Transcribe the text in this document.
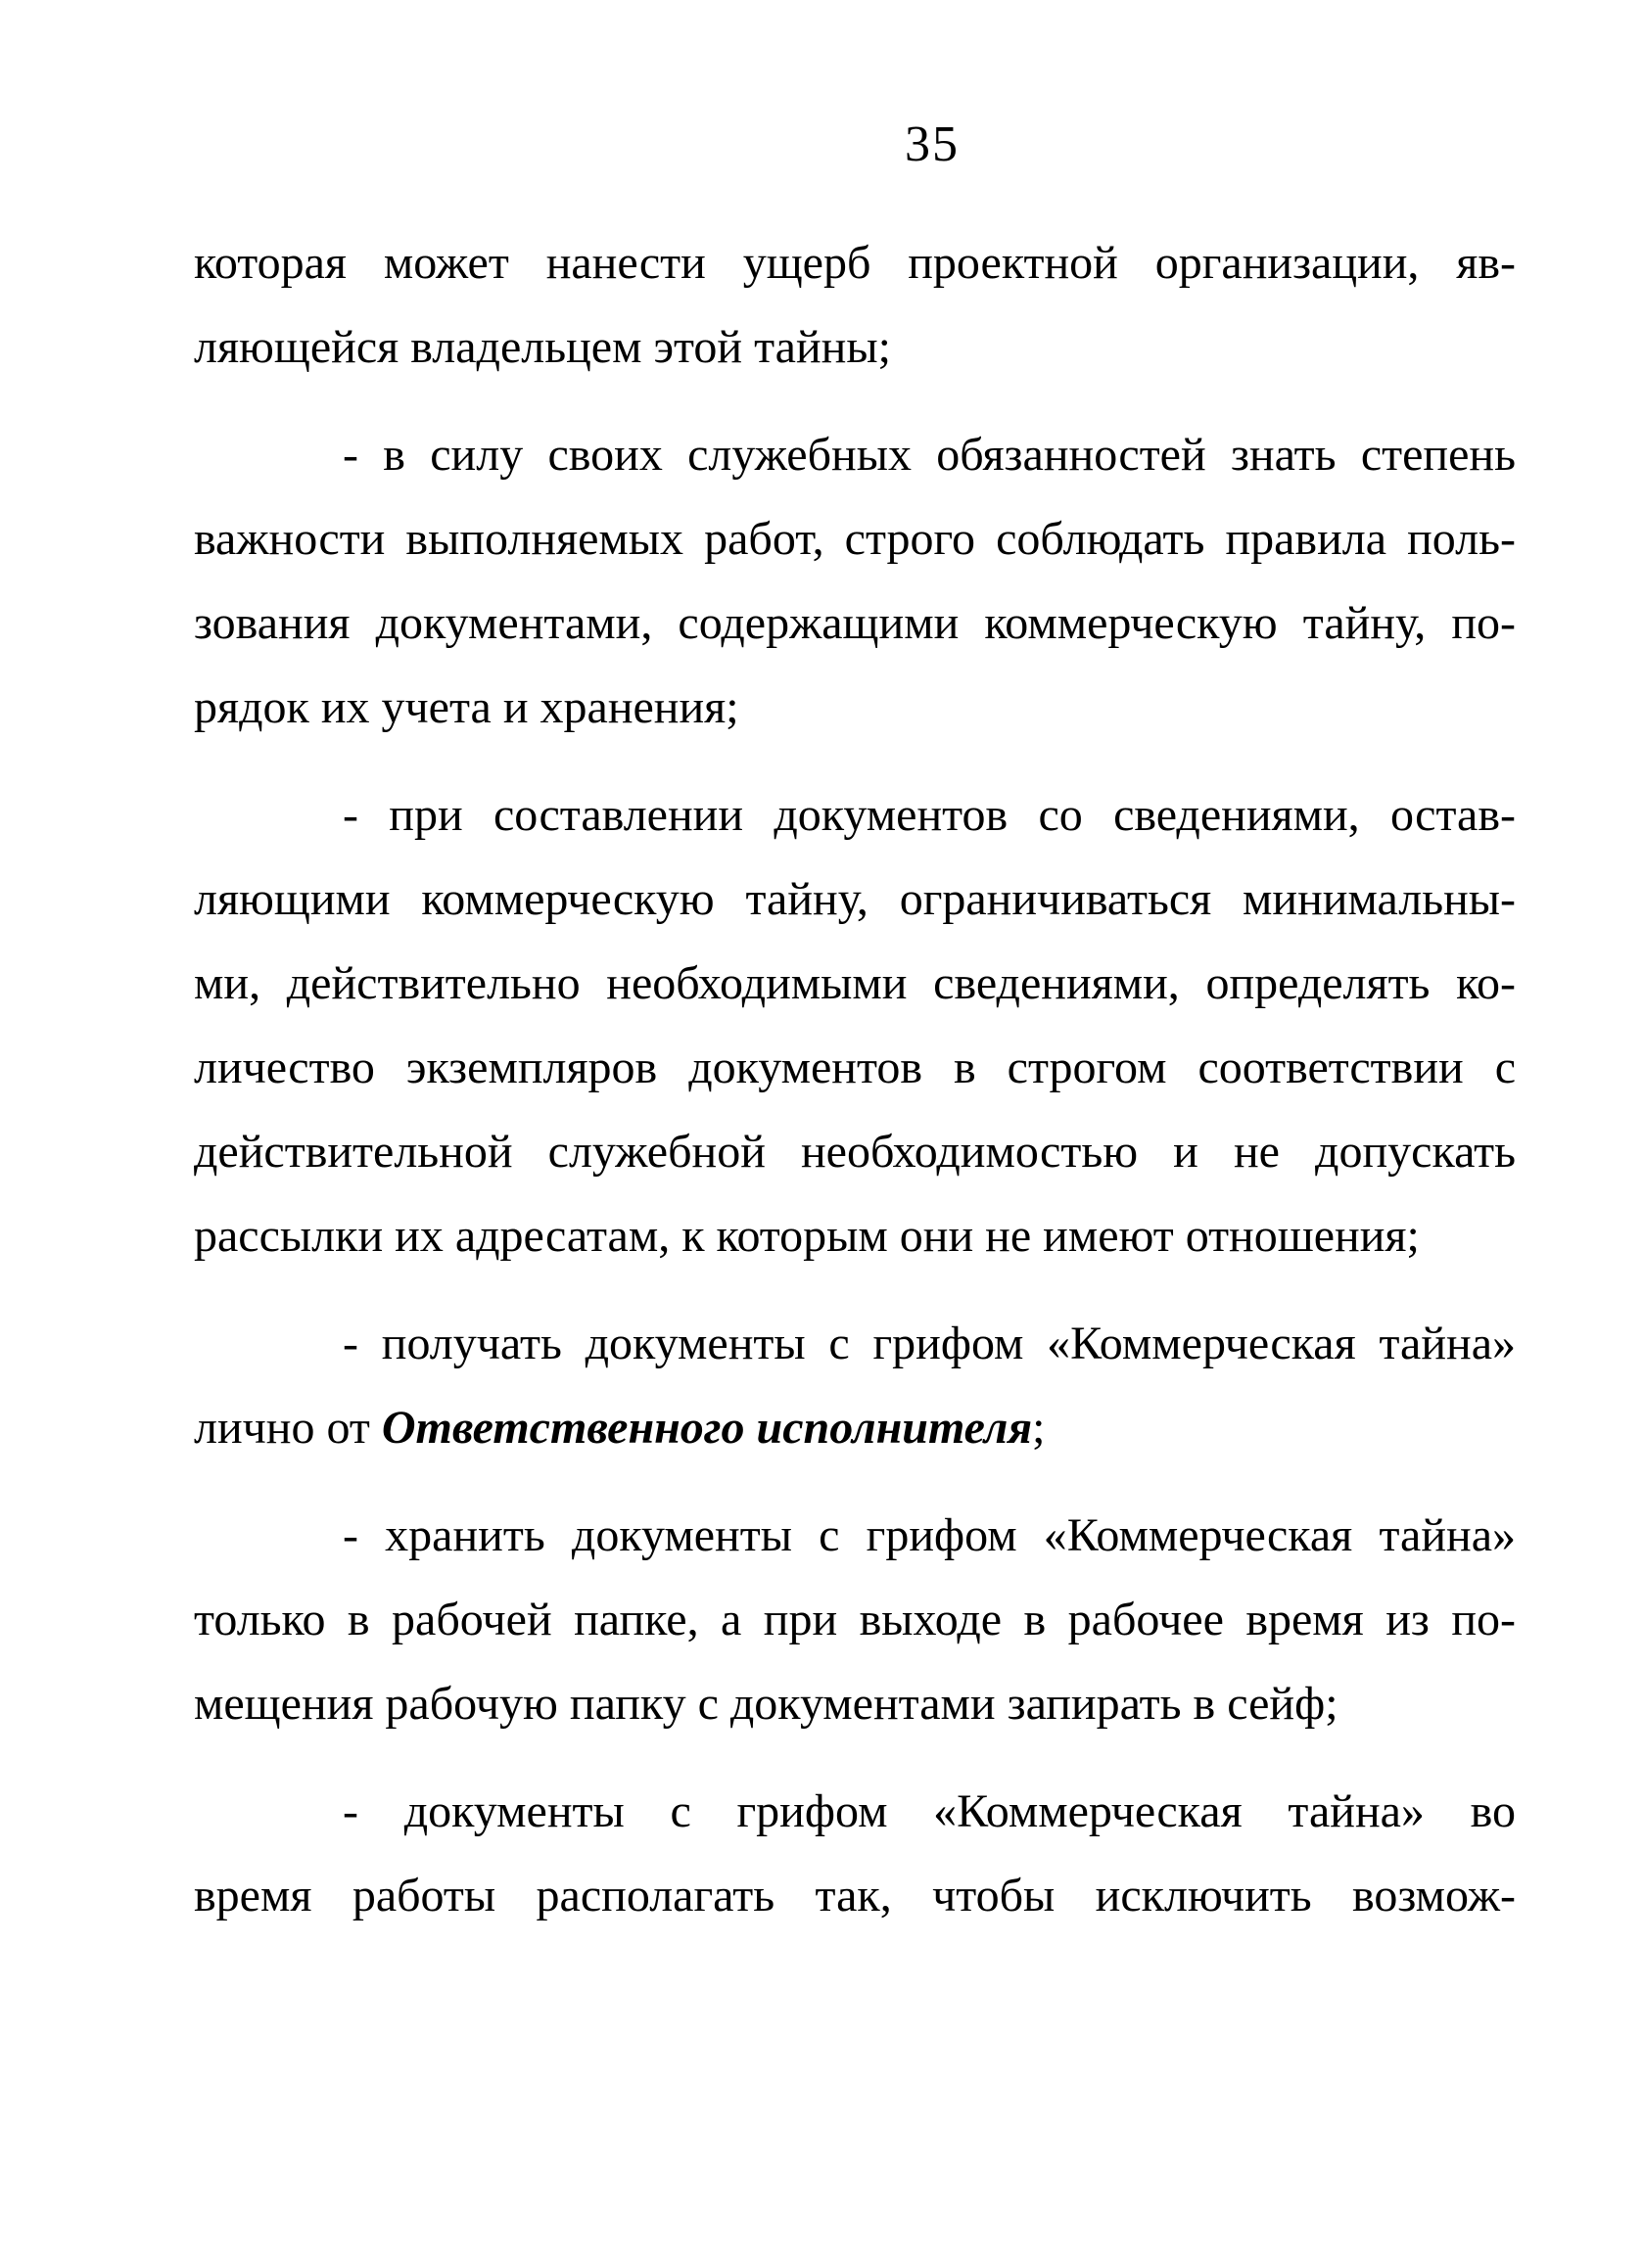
35

которая может нанести ущерб проектной организации, яв-
ляющейся владельцем этой тайны;

- в силу своих служебных обязанностей знать степень
важности выполняемых работ, строго соблюдать правила поль-
зования документами, содержащими коммерческую тайну, по-
рядок их учета и хранения;

- при составлении документов со сведениями, остав-
ляющими коммерческую тайну, ограничиваться минимальны-
ми, действительно необходимыми сведениями, определять ко-
личество экземпляров документов в строгом соответствии с
действительной служебной необходимостью и не допускать
рассылки их адресатам, к которым они не имеют отношения;

- получать документы с грифом «Коммерческая тайна»
лично от Ответственного исполнителя;

- хранить документы с грифом «Коммерческая тайна»
только в рабочей папке, а при выходе в рабочее время из по-
мещения рабочую папку с документами запирать в сейф;

- документы с грифом «Коммерческая тайна» во
время работы располагать так, чтобы исключить возмож-
